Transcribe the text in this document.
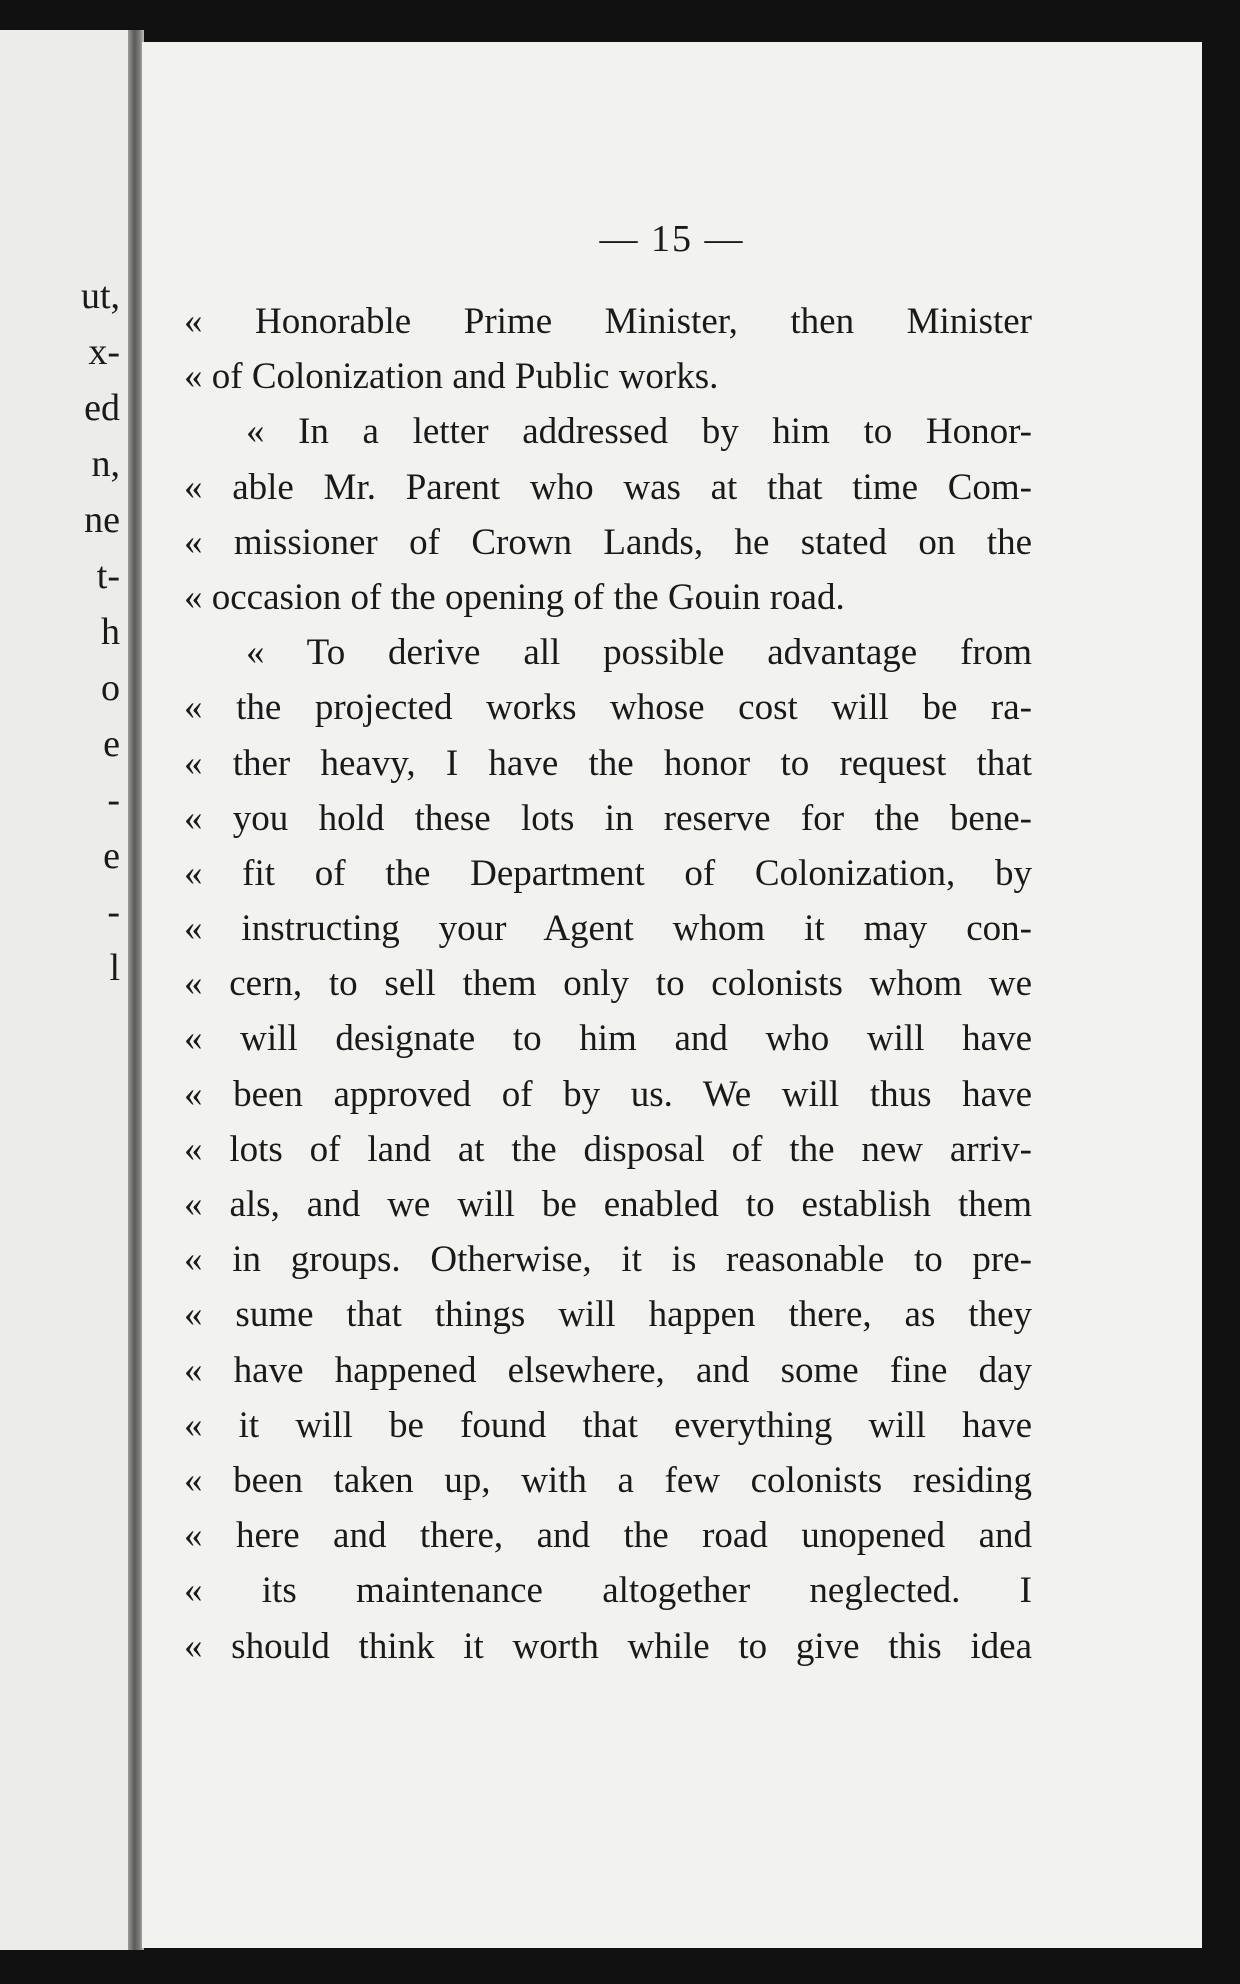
ut,
x-
ed
n,
ne
t-
h
o
e
-
e
-
l
— 15 —
« Honorable Prime Minister, then Minister
« of Colonization and Public works.
« In a letter addressed by him to Honor-
« able Mr. Parent who was at that time Com-
« missioner of Crown Lands, he stated on the
« occasion of the opening of the Gouin road.
« To derive all possible advantage from
« the projected works whose cost will be ra-
« ther heavy, I have the honor to request that
« you hold these lots in reserve for the bene-
« fit of the Department of Colonization, by
« instructing your Agent whom it may con-
« cern, to sell them only to colonists whom we
« will designate to him and who will have
« been approved of by us. We will thus have
« lots of land at the disposal of the new arriv-
« als, and we will be enabled to establish them
« in groups. Otherwise, it is reasonable to pre-
« sume that things will happen there, as they
« have happened elsewhere, and some fine day
« it will be found that everything will have
« been taken up, with a few colonists residing
« here and there, and the road unopened and
« its maintenance altogether neglected. I
« should think it worth while to give this idea
